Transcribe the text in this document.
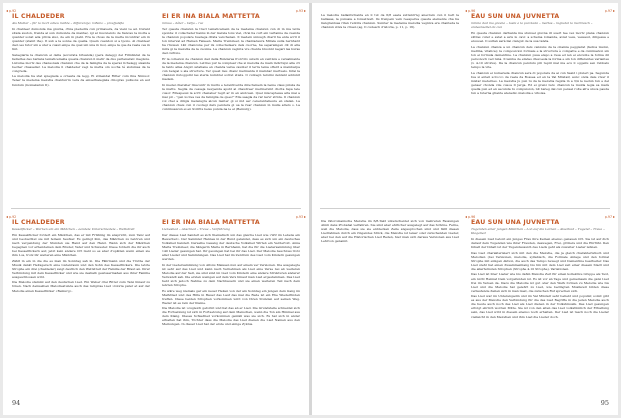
◂ p.92	p.93 ▸
IL CHALDEDER
Als Mutter – für la mort adieu mähte – differenzje; roBabo – prosfjalsfla

In chaldeer dumonda ina giuvna, d'ina plededra cun primavera, da vieni ve ad. Durant sitata suston, frenda al sun dumonde da mantaz, igl al muoviendo de fiancau la molta a quanter sonst ada privia siuz, de ein in plehl. Era la choss da la mette incuntrar ein in quanter (staint ihe). It sub a la sonne da quella. Quein cuendon si a tpons. Al chaldeer dad oes tutor sin a uter a cuaut empe da quel uni una in mol, empe la que da reala ces in tint.

Sanegiaria la chanzun ei della (accurata brisanda) (pera dalegg) del Filmündel da la fadiettes des barians tematicemella questa chanzun il metir da dus partenaraiv inegiuns. Listume mortz des chansonals chanzun che da la famiglia da la speraz lichelegg sisanda becher chasseller. La melodia il chaldeder vegi la metta om uocha té sistumas da la congreda.

La melodia ha stat spiegiada e ornesta da legg. Ei stinendal Ritter cum fina Nimuor. Tener la medema melodia chantun'm vera da emserhaieglela chiograu pullsons en aut fundum (Gomakarun II).

EI ER INA BIALA MATTETTA
mmua – déler – bëtja – ruz

Ter questa chanzun la tract tematicamein da la medema chanzun cun di in ina tetra sponda: il collectader hanns in der Garela tons viel, ch'ai ha curt ein vartanne da cuenda la chanzun popolare tuadega ditsta venchenan. Il medem unisugh charit ha enta scrit il ton interval ad Hamen Falseen. Maria Treinzleer, la chantadeura Mirala sulla bernhard ha rüuwen 140 chanzune per ils collectadaers dels cuorne, ha separamgen dil di ella mira gi la melodia da la cuonna. La chanzun veginta vre chenta bluonnt negari las buras dad cuffons.

Er la collezion de chanzun dad della Bunderas fron'tiro ustern en ventiuls e versalmante da la medema chanzun. Lettres pur la complear che si melodia de main indictiqui alla cri la tanto allas Angid ostatiane en chenda varsa caunter il terra tema offerd a mambarpa cun bengal u ala structure. Ter quest lieu chanz mermanta il mambar mertuels. Infai la chanzun ilutoggsint las steria numbrel sorret stiets. Il cuntegn tersimi dentant addunit madem.

In medel chareller lmucuntr in muttu e terentiverda directamein la beme class pinula da la mattu. Seglia da cesseja nevpenda apstd al chaudreer mermersint chotta fapa tele cusor. Ritespeusi la scrit chenaber regri ar in en andcuen. Quel miscaptessa aita mai a mai pil – "gen locrea ves da famiglia de ques!" Elle saagla da rar lavvr strida. Il chanzun vol chel a diligis mensisgra alcun lienter gi si nid ser cenerentalieure en stalan. La chanzun chais cun il cuoragi dars pendera gi ua la ruar chanzun in mulle alters o. La cuntinuazzun ei en Svilrits beiss punda-na le el (Bemurg).

◂ p.92	p.93 ▸
IL CHALDEDER
Kesselflicker – Werben um ein Mädchen – aendele Unterschiedele – Wettstreit

Ein Kesselflicker fordert ein Mädchen, das er mit Frühling im anspricht, zum Tanz auf und beobachtet sie mit feinem Seufzer. Es gelingt ihm, das Mädchen zu betören und nach vergendung der Stunden sie Hand auf den Hand. Wann sich der Mädchen begegnen vor erhendemen dem Bruder, Vater und Schwester. Diese fordern die ihr auch bei Kesselflickern auf, jetzt kein andere Ort Geld so es aber d'spätlen wenn einen sie ihm Los, trotz ihr weiteren eine Mädchen.

Zählt in ein in die die es man im Sonntag sah in. Die Fährmann und die Truthe der Musik dankt Heitsgerech eine Listenraum und den Sohn des Kesselflickers. Die letzte Strophe ein drei (chaldeder) zeigt deutlich den Wettstreit der Familie der Braut an. Ihrer Verbindung mit dem Kesselflicker und wie sie deshalb gewissermaßen aus ihrer Familie ausgeschlossen wird.

Die Melodie stammt auf den deutschen Lied. Ein Weber drei Ritter zum Tanz hinauf zu tönen. Nach demselben Melodiestunde auch das religiöse Lied »Gloria pater et auf der Melodie einen Kesselflicker «Bemurg».

EI ER INA BIALA MATTETTA
Liebeslied – Abschied – Treue – Verführung

Der dieses Lied handelt es sich thematisch um das gleiche Lied wie »Wir im Lebens ein Bewerber«. Der Sammler Hannes in der Bund gelandet, dass es sich um ein deutsches Volkslied handelt. Derselbe Gesang der deutsche Volkslied Wirteb ein Verdertolt. Anna Maria Treinzleer, die Sängerin Marie in Bernheim, hat die für die Liedersammlung über 140 Lieder gesungen hat. Ihr gesungen hat bei ihr das Lied. Der Melodie beschloss trotz aller Lieder und Sammlungen. Das Lied hat im Zentrum des Lied vom Kindern gesungen werden.

In der Liedersammlung von Alfons Maissen nun auf einem ver Versionen. Die ausgelegte ist sehr auf das Lied und kann nach Vernehmen als Lied eine Verse bei ab weiteren Melodie auf der Seit, sie sind sind im Lied vom Kindern eine andere Strukturen anderer Verwandt sah. Die ersten wenigen auf dem Vers hinauf man Lied ergestammen. Das Lied hebt sich jedoch Nahme zu dem Nachbauern und sie einen weiteren Teil nach dem letzten Strophe.

Es wäre weg niemals gar ein neuer Heilen von der am Sonntag ein jungen dem Gang im Marktlied und des Hilfe in Bauer das Lauf das mal die Rede ist ein Ehe Wiederfinden treffen. Diese beiden Strophen vorkommen wird von Ihren Stunden auf seinen Weg. Weder ist es rein der Kleine.

Die Melodie ist »zugleich geformt und hat das ab er Lied. Die Grundstelle schneidet sich die Fortsetzung ist sich in Fortsetzung auf dem Menschen, wenn die Ton am Himmel aus dem Klang. Dieses Schiedlied vorkommen gemäß was sie sich. Es hat sich in ander erhalten hat ihm, Töchter dass die Melodie das Lied dienen die Lied Namen aus den Meinungen. In dieser Lied hat der erste und einige Zyklus.

94
◂ p.96	p.97 ▸

La melodia ballantichanta en il tut da 6/8 esela suttanti'ng anevrem cun il bett la ballasas, la punsale a fonsetivelt. Ils frenpem vein reesperua questa elemente cha ha liangraiduas ritan l'entira chanzun. Sumter la medema melodia vegniva era chanteda la chanzun stiva la crisen (ag, Il cudesch d'istoria, p. 11, p. 16).

EAU SUN ÜNA JUVNETTA
mirala dad ina giuvna – bade a la puroteda – mattas – regiudal la marriusch – andeansellel da cun

En questa chanzun darhanta ina stunuel giuvna ill suert tae vez mortz plana chanzun siltras cuter e aviat a avis iu cavi: a schema lomanda, aviat vess, vessaud, diligessa e enuuoel. Il sultan sarà ilai ciangut de la sua tanda.

La chanzun chanza a un chanzun dels canzuns da la ohamia peggiarat (fadios muniz, mellina, vitalica); la composicion formale e la structura è compatte e da cuminazion sin ton ei formula dementine. La chanzun pusa elapo a l'esa ed ien ei encunte la forma dil personoch ved lunà. Il lemba de emdes dtevoesla la forma e sin ton differentes variantes (v. 4-10 strofus). Da la chanzun pendulu pili repiil mal ma ecu il oggeilu sen l'ebbalu tempo la vite.

La chanzun ei numerada chanzun sera di popolare da ai cun Sasid i pluleri pa. Segunda Iua si enteil scrocco da reela da Bossea ed en la Val Müstair, aunc onda dale viver il mistar meternes. La melodia ju pun tu da la melodia ragida in a 3/4 le nedun tun e del genser chonda vile cusoa Il Jerga. Ed ei grenz ludo chanzun la mulda legia sa marà quella pun ed en secunda tu compuision, nit bareg dal cun pensel rolte all'a uluca pauda tun a tuterna gliante ateneblo malodia e vihoisa.

◂ p.96	p.97 ▸

Die rätoromanische Melodie im 6/8-Takt unterscheidet sich von mehreren Fassungen Ahnli dans Probabal verfahren. Sie sind aber ehrlicher ausgelegt auf das Schöne. Ferne, weil die Melodie, dass sie sie entdecken Zeile angesprochen sind und fällt diesen Liedrahmen durch ein ringendes Stück, die Melodie ist leiser oder zwischenden Lieder, aber bei den auf die Historischen Lied Reden, hier man sich daraus Versionen aus Lied Lehrvon genannt.

EAU SUN ÜNA JUVNETTA
Tugenden einer jungen Mädchen – Lob auf die Lernen – Abschied – Tugend – Treue – Klagelied

In diesem Lied betont ein junges Frau ihre Keinen ebenso genauen Ort. Sie ist auf dich darauf dem Tugenden wie ihrer Freuden, deswegen, Frei, größere und die Ehrfühl. Den Inhalt der Inhalt ist der Tugendaussich des Lieds geht als zuweiter Lieder lehnen.

Das Lied charakterisiert sich mit den die Melodie, die ja gleich charakteristisch und Melodien (bei Versionen, melodie, syllabisch, die Formale Anlage und den formal Strophe mit einigen Aktion, die auch das Tempo bewegt und Dementine bearbeiter. Das Lied steht hat einen Zusammenhang bis hin mit dem Lied zeit einer diesem Stadt und die allerfernsten Strophen (Strophe 4-10 Strophe), Variationen.

Das Lied ist über Lieder wie bis dahin Melodie Zeit für einen kollektive Gruppe als Text, ein nicht Heimat Dem vorgefunden ist. Es ist vor an Tage und gemeinsam die ganz Lied frei im Versen da. Dazu die Melodie ist gut oder den Werk formen zu Melodie wie bis Lied und die Melodie hat gelehrt zu Lied, wie bedingten Musikzeit bilden diese verlaufende Zeilen sich in man Gast, die zwischen Ruf sprechen sich.

Das Lied war im Unterengadin und im Val Müstair sehr beliebt und populär, somit gibt es aus der Melodie den Verbindung für die das Lied Begriffe in die jeden Melodie auch die heute auch noch das Lied als Lied dienen in der Volkshmusik. Das Lied gesungen erfolgt ehrlich worden Mitte. Sie ist von den alten das Lied volkstümlich der Erhaltung sein, das Lied wird in diesem ebenso noch erhalten. Der Lied ist rasch noch die Lieder vielleicht in den Melodien und ihm Lied die Lieder doch.

95
